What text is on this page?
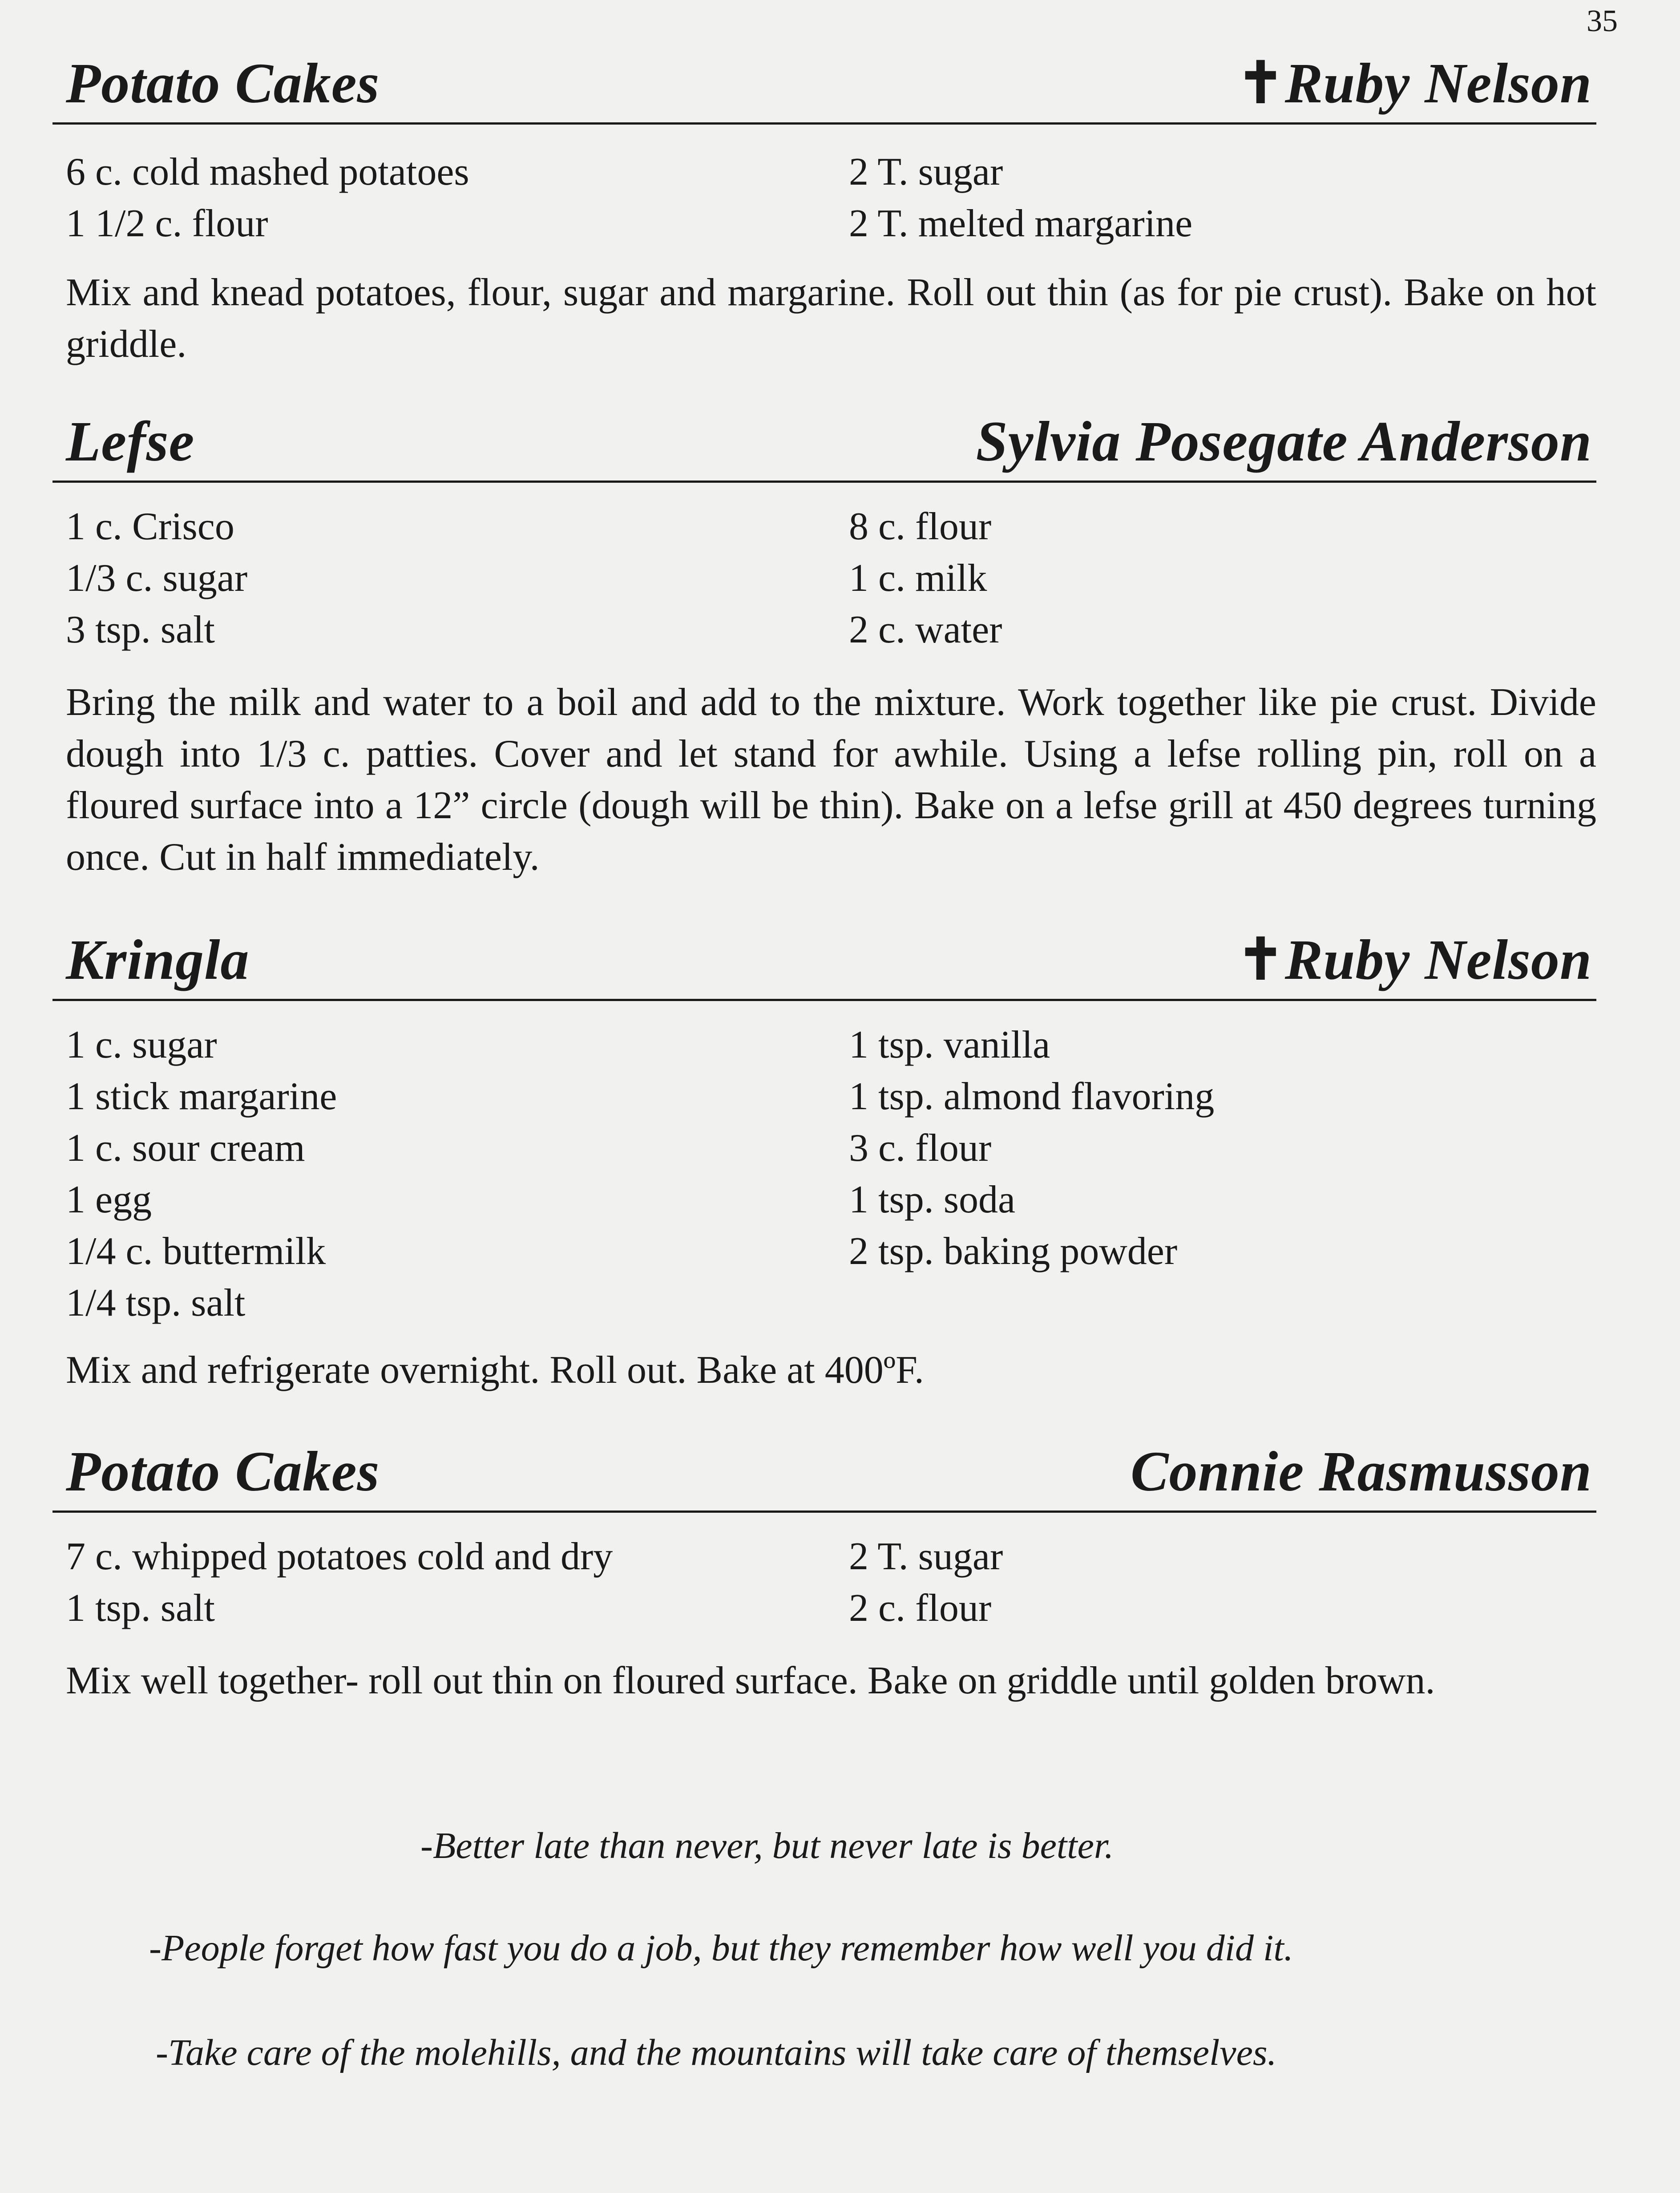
35
Potato Cakes	✝Ruby Nelson
6 c. cold mashed potatoes	2 T. sugar
1 1/2 c. flour	2 T. melted margarine
Mix and knead potatoes, flour, sugar and margarine. Roll out thin (as for pie crust). Bake on hot griddle.
Lefse	Sylvia Posegate Anderson
1 c. Crisco	8 c. flour
1/3 c. sugar	1 c. milk
3 tsp. salt	2 c. water
Bring the milk and water to a boil and add to the mixture. Work together like pie crust. Divide dough into 1/3 c. patties. Cover and let stand for awhile. Using a lefse rolling pin, roll on a floured surface into a 12” circle (dough will be thin). Bake on a lefse grill at 450 degrees turning once. Cut in half immediately.
Kringla	✝Ruby Nelson
1 c. sugar	1 tsp. vanilla
1 stick margarine	1 tsp. almond flavoring
1 c. sour cream	3 c. flour
1 egg	1 tsp. soda
1/4 c. buttermilk	2 tsp. baking powder
1/4 tsp. salt
Mix and refrigerate overnight. Roll out. Bake at 400ºF.
Potato Cakes	Connie Rasmusson
7 c. whipped potatoes cold and dry	2 T. sugar
1 tsp. salt	2 c. flour
Mix well together- roll out thin on floured surface. Bake on griddle until golden brown.
-Better late than never, but never late is better.
-People forget how fast you do a job, but they remember how well you did it.
-Take care of the molehills, and the mountains will take care of themselves.
